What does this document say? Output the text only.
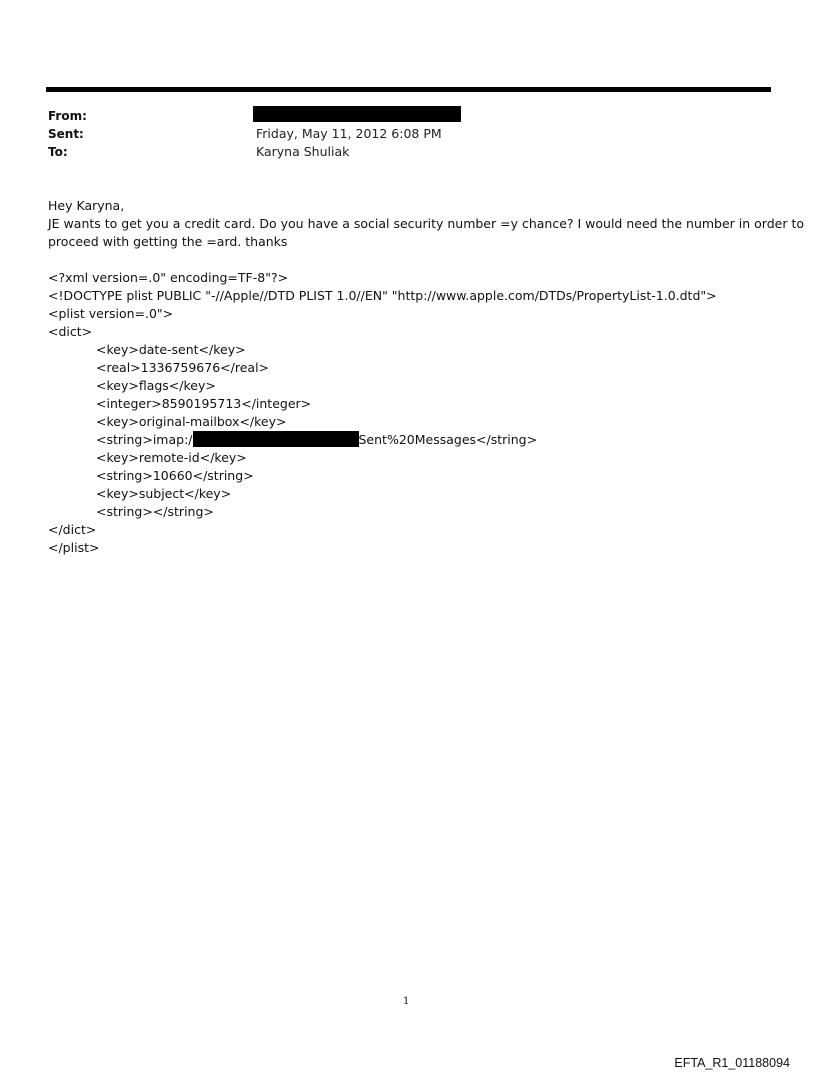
From:
Sent:	Friday, May 11, 2012 6:08 PM
To:	Karyna Shuliak
Hey Karyna,
JE wants to get you a credit card. Do you have a social security number =y chance? I would need the number in order to
proceed with getting the =ard. thanks
<?xml version=.0" encoding=TF-8"?>
<!DOCTYPE plist PUBLIC "-//Apple//DTD PLIST 1.0//EN" "http://www.apple.com/DTDs/PropertyList-1.0.dtd">
<plist version=.0">
<dict>
<key>date-sent</key>
<real>1336759676</real>
<key>flags</key>
<integer>8590195713</integer>
<key>original-mailbox</key>
<string>imap:/	Sent%20Messages</string>
<key>remote-id</key>
<string>10660</string>
<key>subject</key>
<string></string>
</dict>
</plist>
1
EFTA_R1_01188094
